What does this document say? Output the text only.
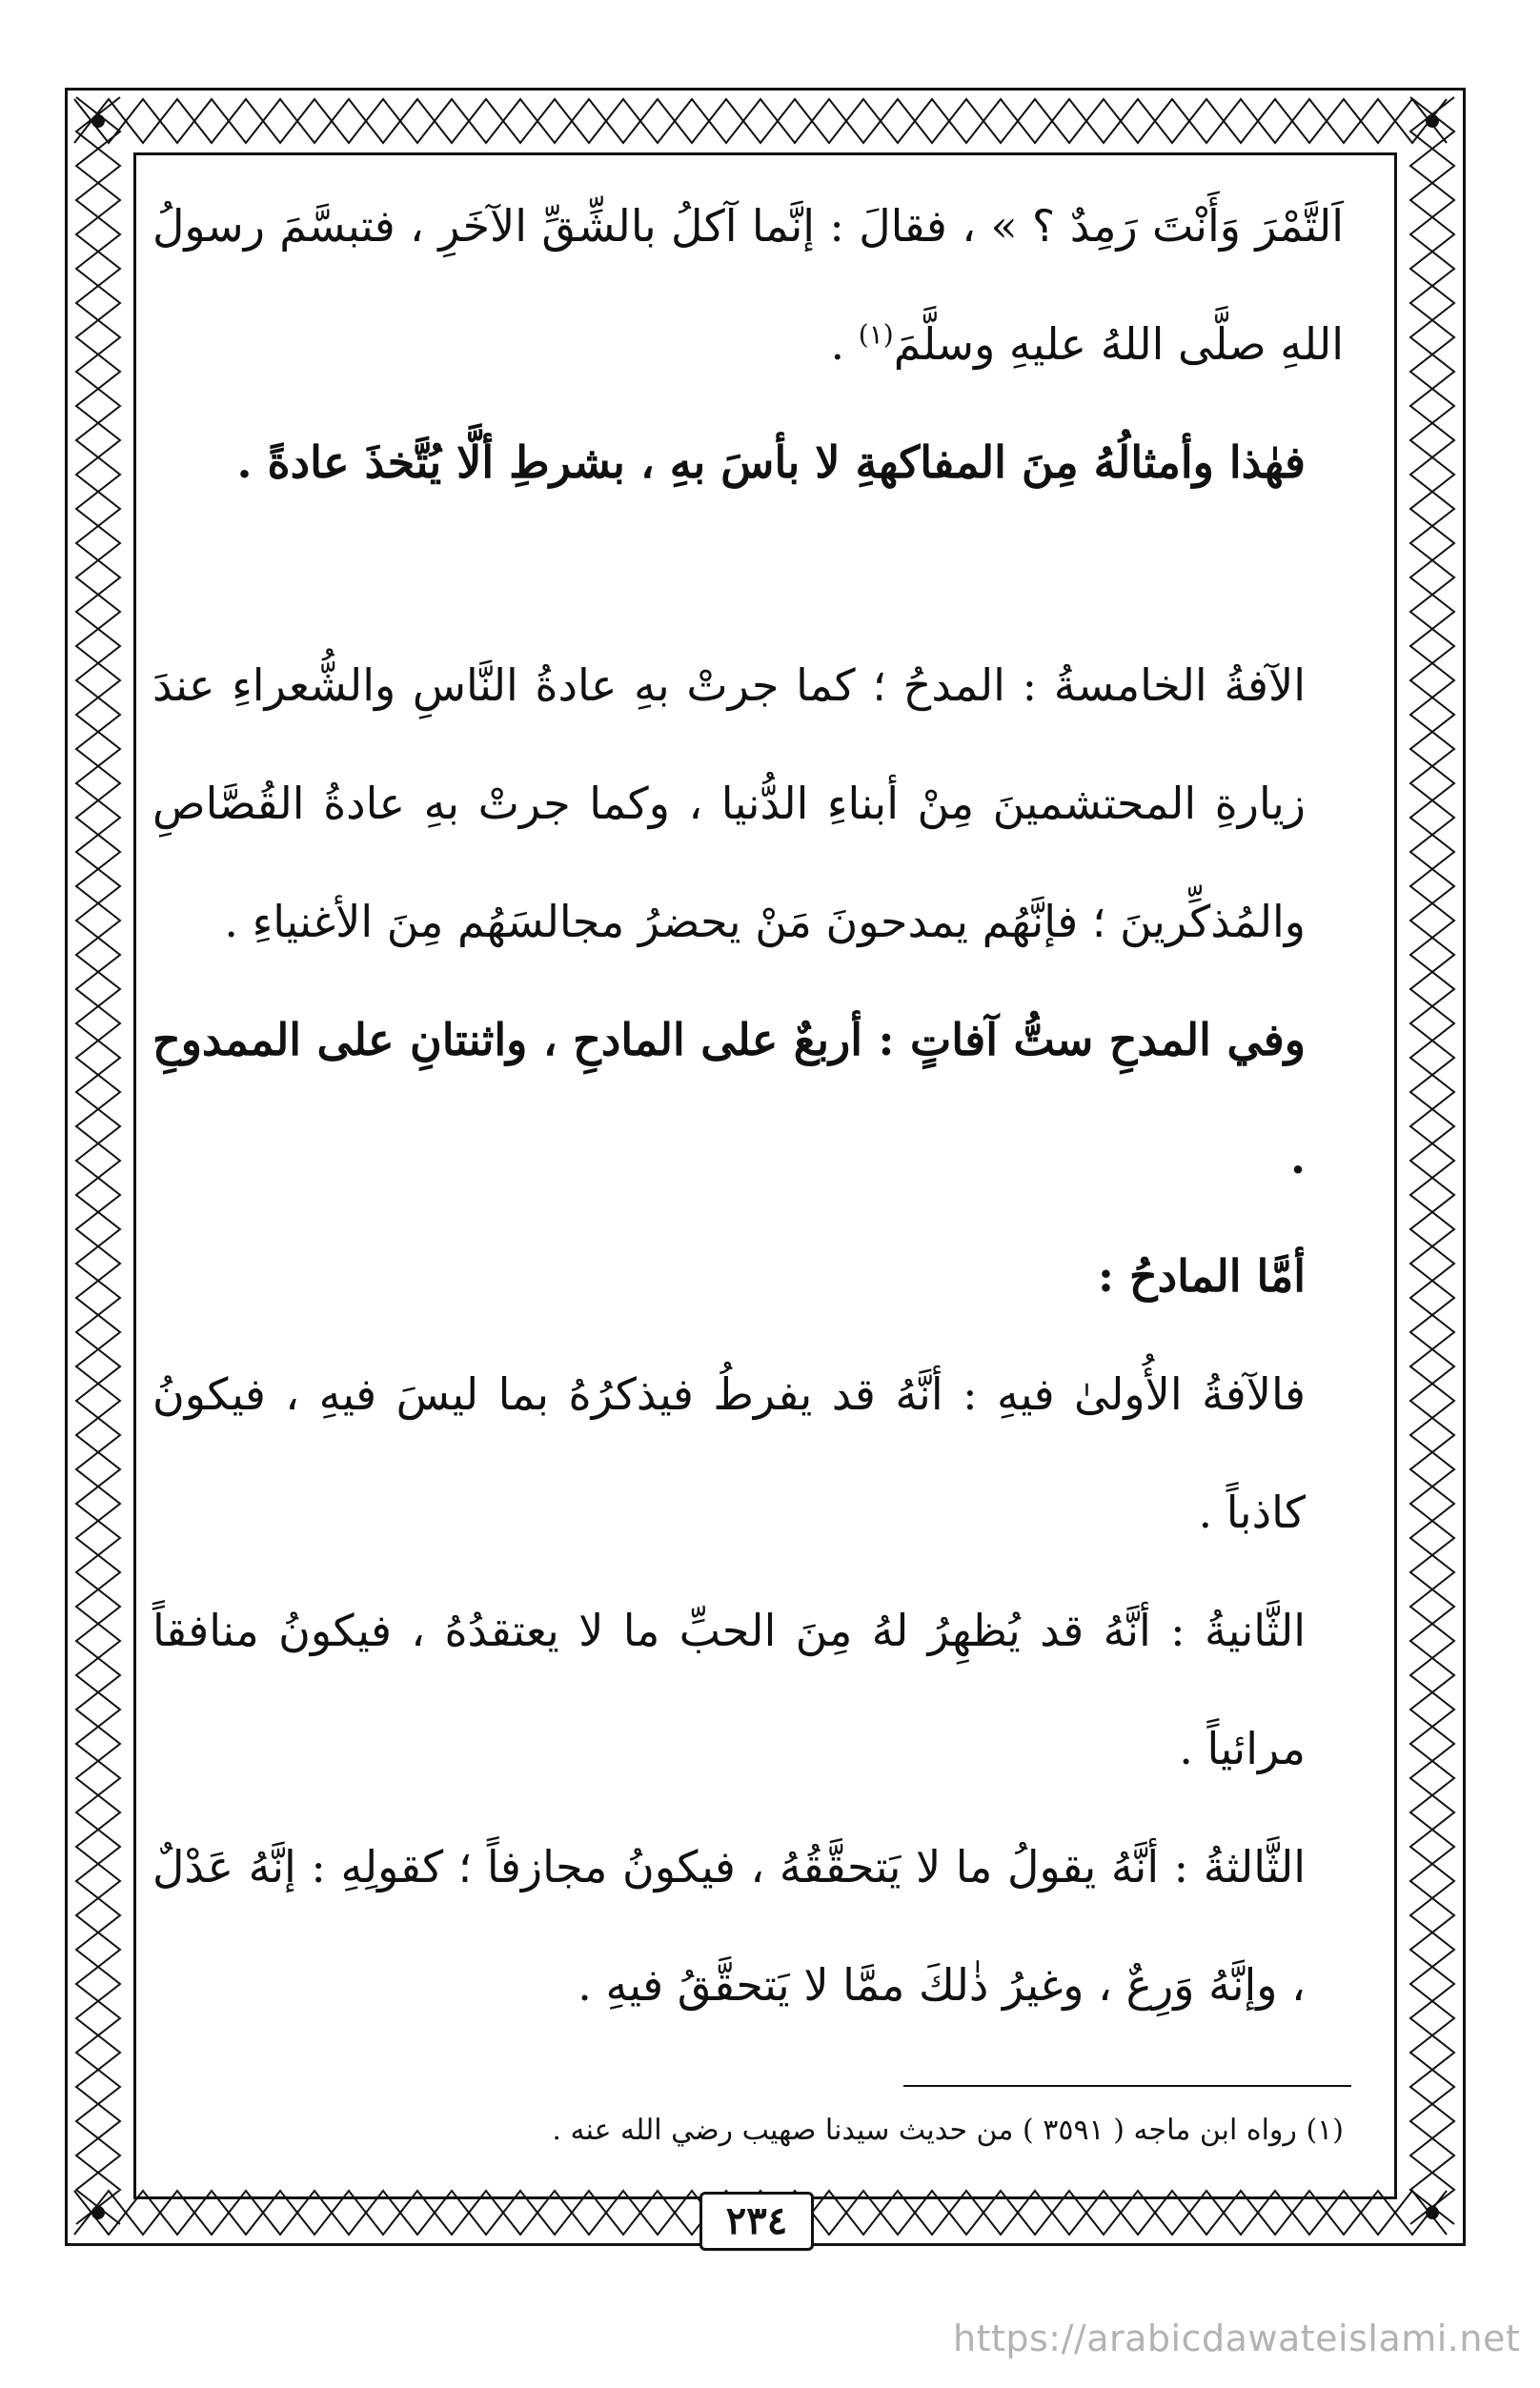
اَلتَّمْرَ وَأَنْتَ رَمِدٌ ؟ » ، فقالَ : إنَّما آكلُ بالشِّقِّ الآخَرِ ، فتبسَّمَ رسولُ اللهِ صلَّى اللهُ عليهِ وسلَّمَ$^{(١)}$ .

فهٰذا وأمثالُهُ مِنَ المفاكهةِ لا بأسَ بهِ ، بشرطِ ألَّا يُتَّخذَ عادةً .

الآفةُ الخامسةُ : المدحُ ؛ كما جرتْ بهِ عادةُ النَّاسِ والشُّعراءِ عندَ زيارةِ المحتشمينَ مِنْ أبناءِ الدُّنيا ، وكما جرتْ بهِ عادةُ القُصَّاصِ والمُذكِّرينَ ؛ فإنَّهُم يمدحونَ مَنْ يحضرُ مجالسَهُم مِنَ الأغنياءِ .

وفي المدحِ ستُّ آفاتٍ : أربعٌ على المادحِ ، واثنتانِ على الممدوحِ .

أمَّا المادحُ :

فالآفةُ الأُولىٰ فيهِ : أنَّهُ قد يفرطُ فيذكرُهُ بما ليسَ فيهِ ، فيكونُ كاذباً .

الثَّانيةُ : أنَّهُ قد يُظهِرُ لهُ مِنَ الحبِّ ما لا يعتقدُهُ ، فيكونُ منافقاً مرائياً .

الثَّالثةُ : أنَّهُ يقولُ ما لا يَتحقَّقُهُ ، فيكونُ مجازفاً ؛ كقولِهِ : إنَّهُ عَدْلٌ ، وإنَّهُ وَرِعٌ ، وغيرُ ذٰلكَ ممَّا لا يَتحقَّقُ فيهِ .

(١) رواه ابن ماجه ( ٣٥٩١ ) من حديث سيدنا صهيب رضي الله عنه .

٢٣٤
https://arabicdawateislami.net
